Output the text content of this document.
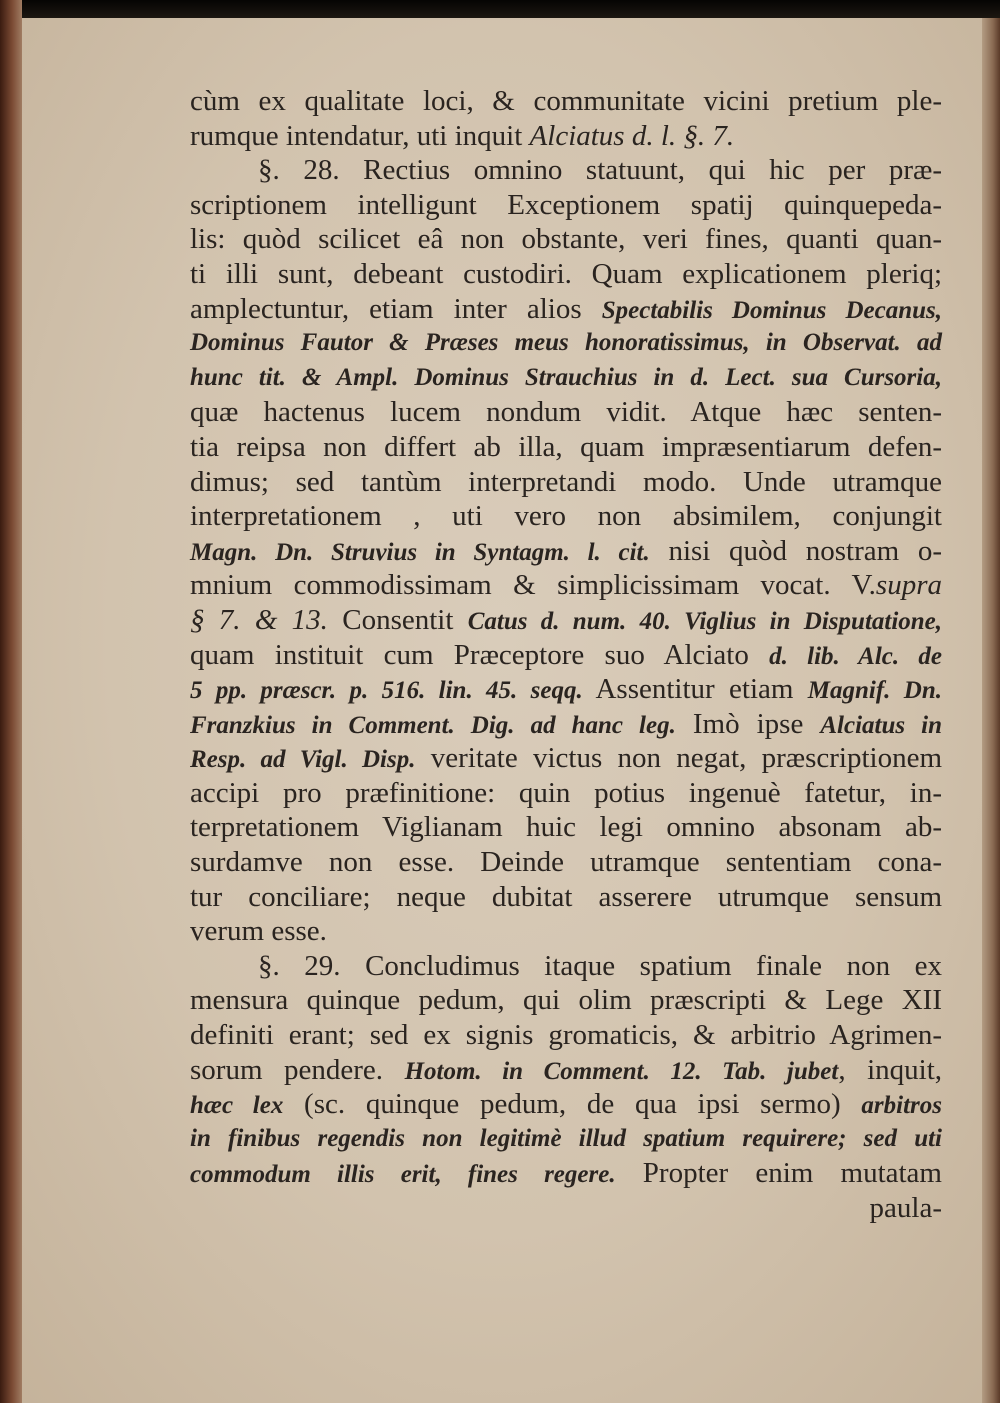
cùm ex qualitate loci, & communitate vicini pretium ple-
rumque intendatur, uti inquit Alciatus d. l. §. 7.
§. 28. Rectius omnino statuunt, qui hic per præ-
scriptionem intelligunt Exceptionem spatij quinquepeda-
lis: quòd scilicet eâ non obstante, veri fines, quanti quan-
ti illi sunt, debeant custodiri. Quam explicationem pleriq;
amplectuntur, etiam inter alios Spectabilis Dominus Decanus,
Dominus Fautor & Præses meus honoratissimus, in Observat. ad
hunc tit. & Ampl. Dominus Strauchius in d. Lect. sua Cursoria,
quæ hactenus lucem nondum vidit. Atque hæc senten-
tia reipsa non differt ab illa, quam impræsentiarum defen-
dimus; sed tantùm interpretandi modo. Unde utramque
interpretationem , uti vero non absimilem, conjungit
Magn. Dn. Struvius in Syntagm. l. cit. nisi quòd nostram o-
mnium commodissimam & simplicissimam vocat. V.supra
§ 7. & 13. Consentit Catus d. num. 40. Viglius in Disputatione,
quam instituit cum Præceptore suo Alciato d. lib. Alc. de
5 pp. præscr. p. 516. lin. 45. seqq. Assentitur etiam Magnif. Dn.
Franzkius in Comment. Dig. ad hanc leg. Imò ipse Alciatus in
Resp. ad Vigl. Disp. veritate victus non negat, præscriptionem
accipi pro præfinitione: quin potius ingenuè fatetur, in-
terpretationem Viglianam huic legi omnino absonam ab-
surdamve non esse. Deinde utramque sententiam cona-
tur conciliare; neque dubitat asserere utrumque sensum
verum esse.
§. 29. Concludimus itaque spatium finale non ex
mensura quinque pedum, qui olim præscripti & Lege XII
definiti erant; sed ex signis gromaticis, & arbitrio Agrimen-
sorum pendere. Hotom. in Comment. 12. Tab. jubet, inquit,
hæc lex (sc. quinque pedum, de qua ipsi sermo) arbitros
in finibus regendis non legitimè illud spatium requirere; sed uti
commodum illis erit, fines regere. Propter enim mutatam
paula-
